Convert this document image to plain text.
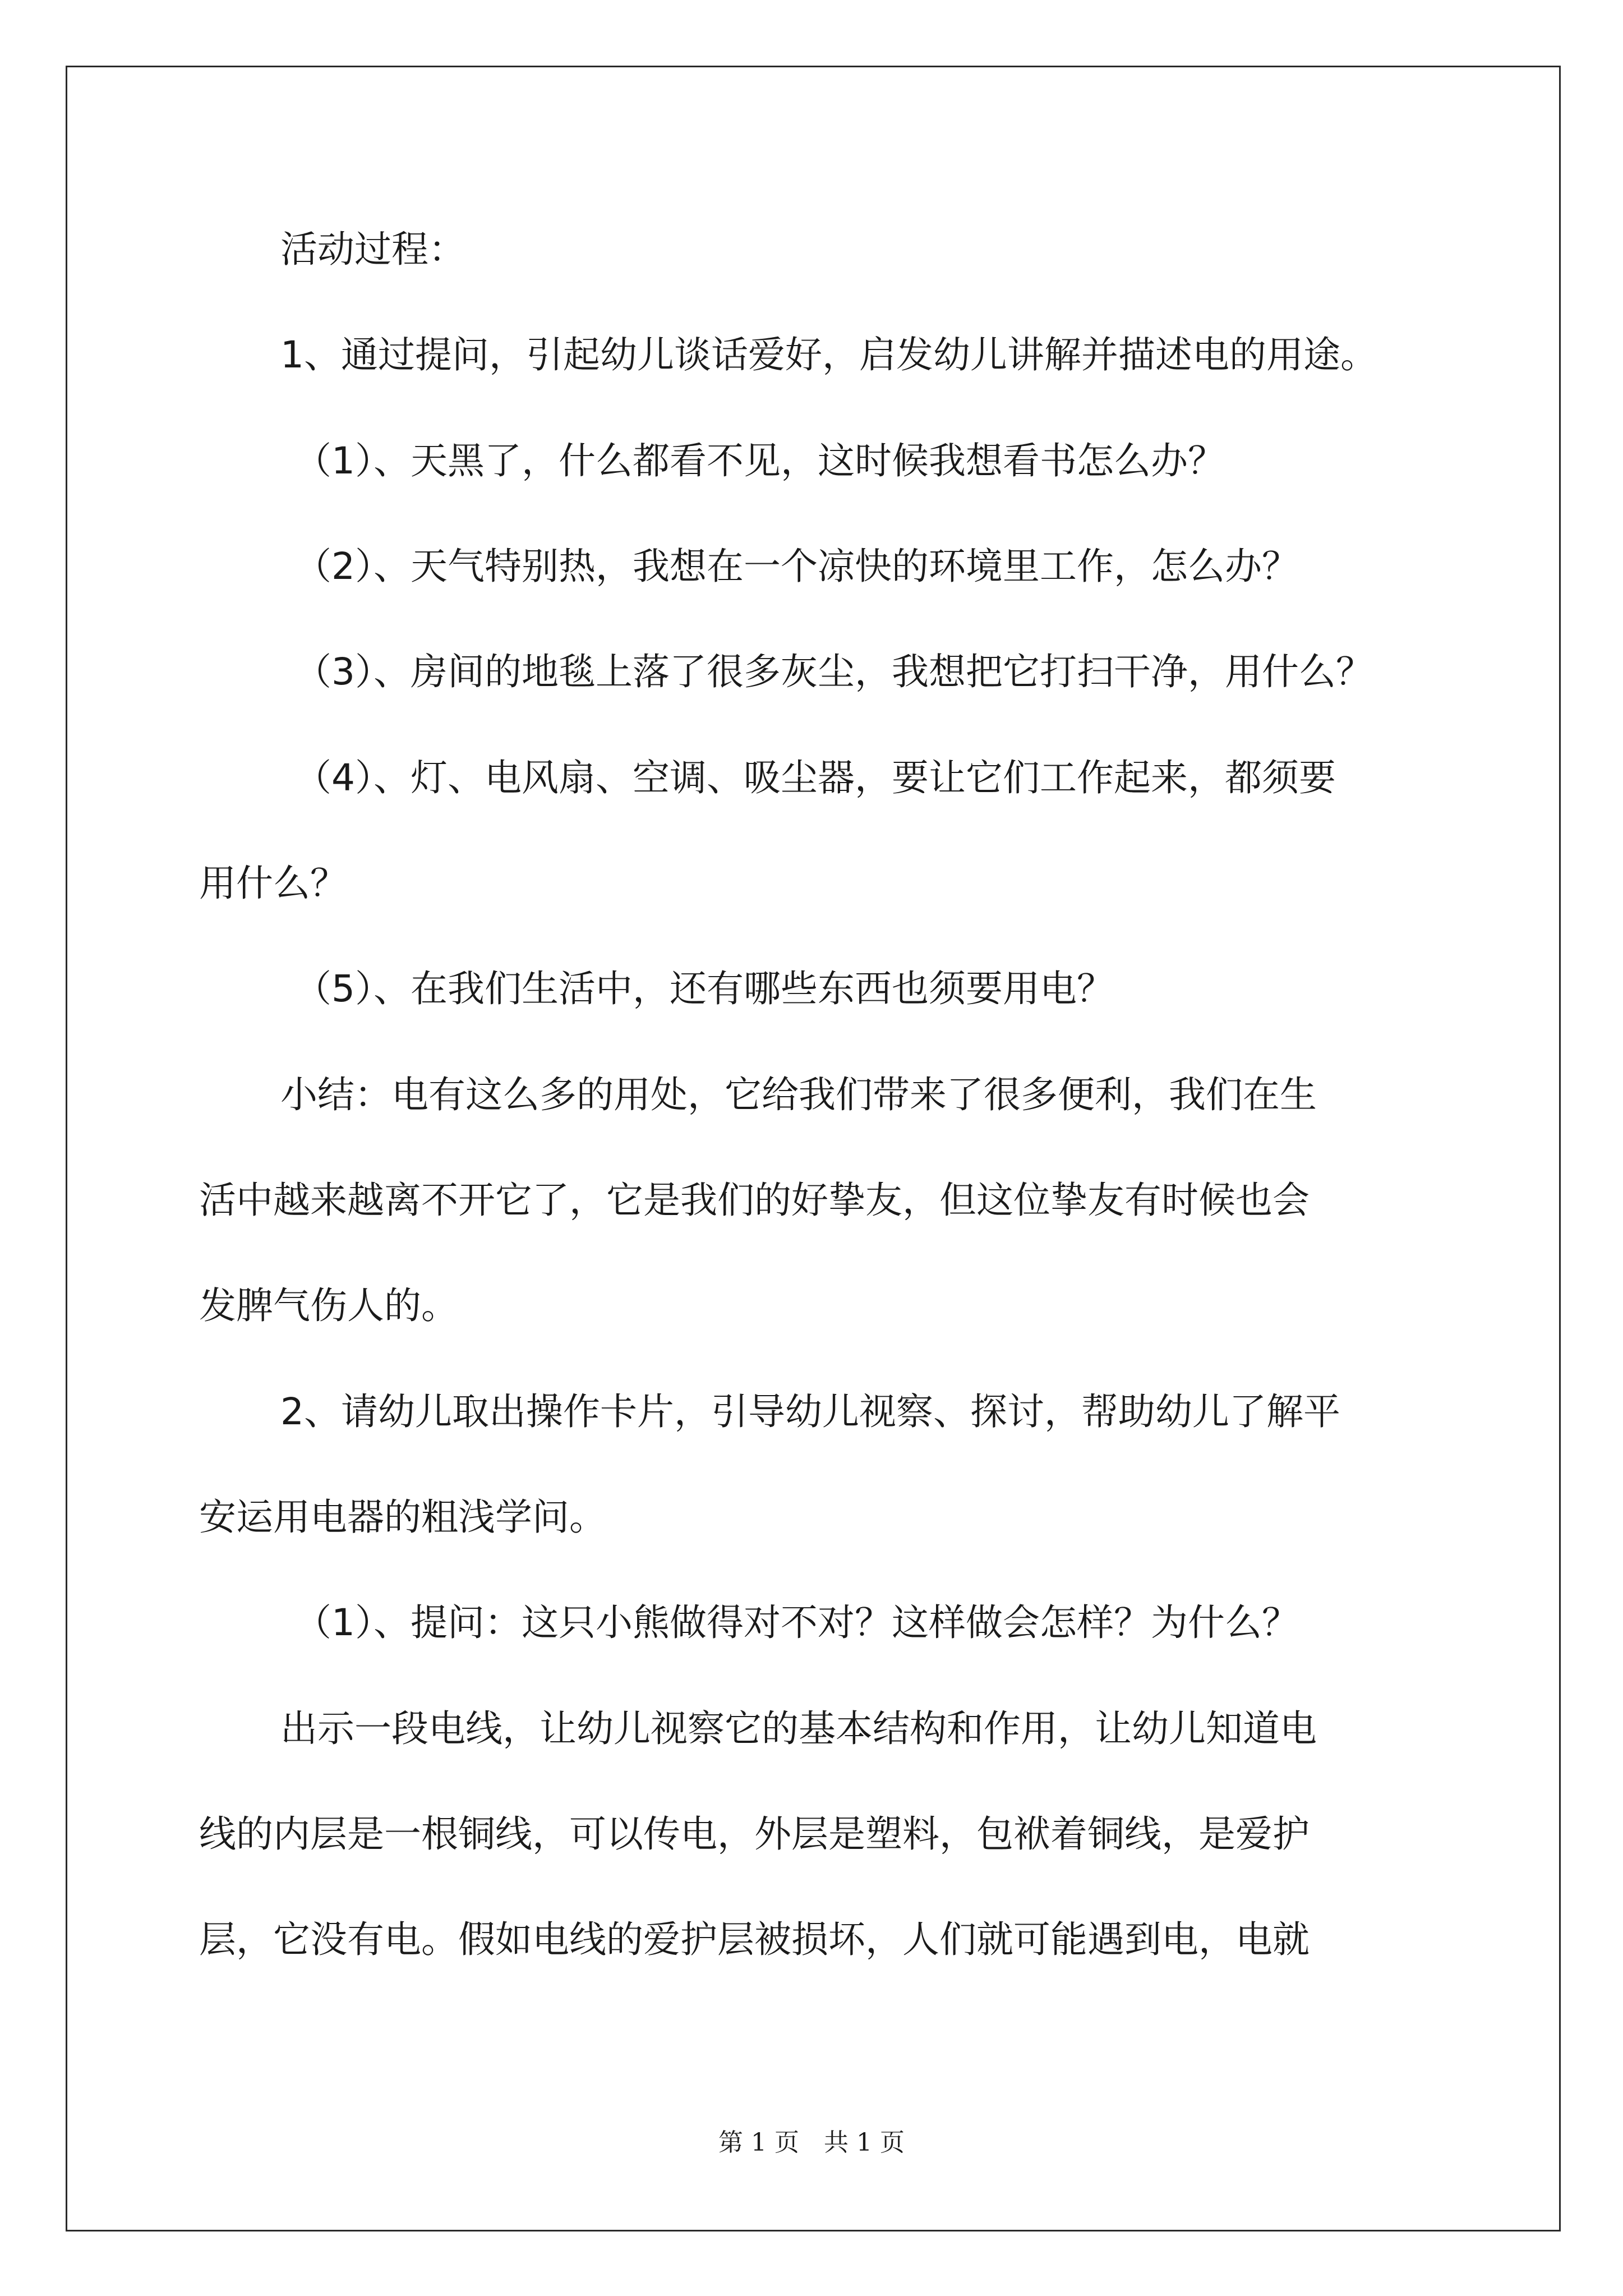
活动过程：

1、通过提问，引起幼儿谈话爱好，启发幼儿讲解并描述电的用途。

（1）、天黑了，什么都看不见，这时候我想看书怎么办？

（2）、天气特别热，我想在一个凉快的环境里工作，怎么办？

（3）、房间的地毯上落了很多灰尘，我想把它打扫干净，用什么？

（4）、灯、电风扇、空调、吸尘器，要让它们工作起来，都须要

用什么？

（5）、在我们生活中，还有哪些东西也须要用电？

小结：电有这么多的用处，它给我们带来了很多便利，我们在生

活中越来越离不开它了，它是我们的好挚友，但这位挚友有时候也会

发脾气伤人的。

2、请幼儿取出操作卡片，引导幼儿视察、探讨，帮助幼儿了解平

安运用电器的粗浅学问。

（1）、提问：这只小熊做得对不对？这样做会怎样？为什么？

出示一段电线，让幼儿视察它的基本结构和作用，让幼儿知道电

线的内层是一根铜线，可以传电，外层是塑料，包袱着铜线，是爱护

层，它没有电。假如电线的爱护层被损坏，人们就可能遇到电，电就

第 1 页　共 1 页
